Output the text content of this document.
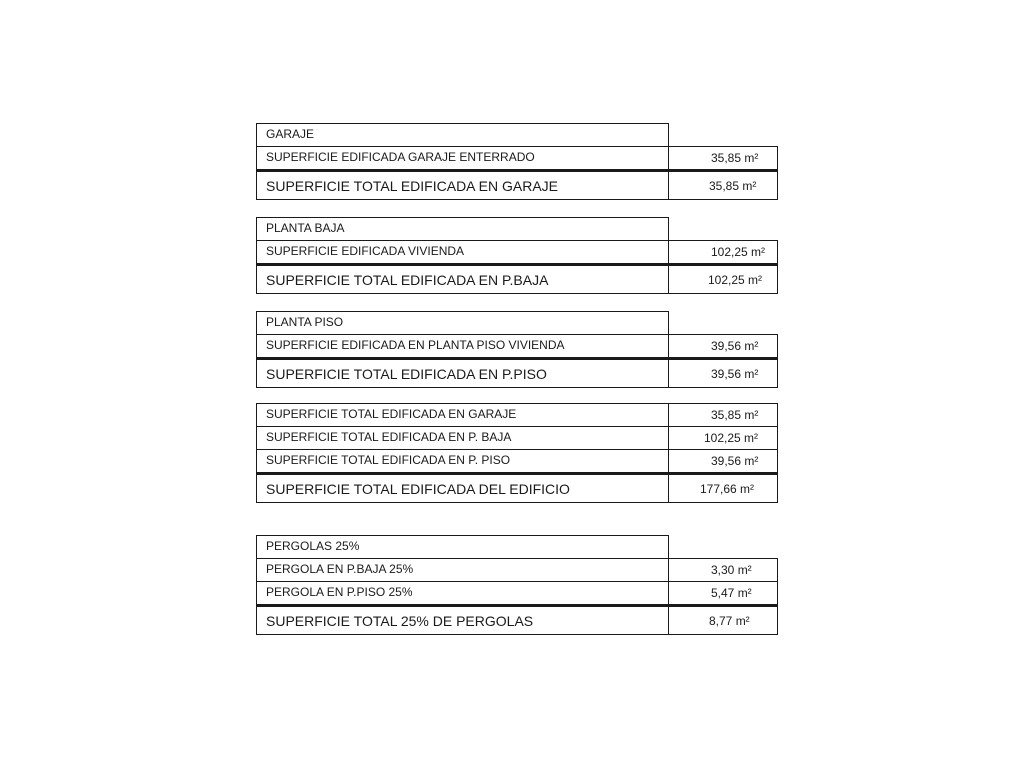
GARAJE
SUPERFICIE EDIFICADA GARAJE ENTERRADO	35,85 m²
SUPERFICIE TOTAL EDIFICADA EN GARAJE	35,85 m²
PLANTA BAJA
SUPERFICIE EDIFICADA VIVIENDA	102,25 m²
SUPERFICIE TOTAL EDIFICADA EN P.BAJA	102,25 m²
PLANTA PISO
SUPERFICIE EDIFICADA EN PLANTA PISO VIVIENDA	39,56 m²
SUPERFICIE TOTAL EDIFICADA EN P.PISO	39,56 m²
SUPERFICIE TOTAL EDIFICADA EN GARAJE	35,85 m²
SUPERFICIE TOTAL EDIFICADA EN P. BAJA	102,25 m²
SUPERFICIE TOTAL EDIFICADA EN P. PISO	39,56 m²
SUPERFICIE TOTAL EDIFICADA DEL EDIFICIO	177,66 m²
PERGOLAS 25%
PERGOLA EN P.BAJA 25%	3,30 m²
PERGOLA EN P.PISO 25%	5,47 m²
SUPERFICIE TOTAL 25% DE PERGOLAS	8,77 m²
